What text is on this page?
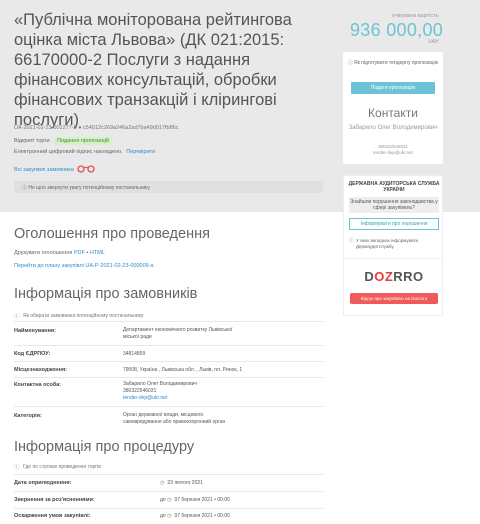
«Публічна моніторована рейтингова оцінка міста Львова» (ДК 021:2015: 66170000-2 Послуги з надання фінансових консультацій, обробки фінансових транзакцій і клірингові послуги)
UA-2021-02-23-001277-b ● c54012c269a246a2ad7ba49d017fb86c
Відкриті торги Подання пропозицій
Електронний цифровий підпис накладено. Перевірити
Всі закупівлі замовника
ⓘ Не щоо звернути увагу потенційному постачальнику
очікувана вартість
936 000,00
UAH
ⓘ Як підготувати тендерну пропозицію
Подати пропозицію
Контакти
Забарило Олег Володимирович
380322546031
tender-dep@ukr.net
ДЕРЖАВНА АУДИТОРСЬКА СЛУЖБА УКРАЇНИ
Знайшли порушення законодавства у сфері закупівель?
Інформувати про порушення
ⓘ У якиx випадках інформувати Держаудитслужбу
DOZRRO
Відгук про закупівлю на Dozorro
Оголошення про проведення
Друкувати оголошення PDF • HTML
Перейти до плану закупівлі UA-P-2021-02-23-000009-a
Інформація про замовників
ⓘ Як обирати замовника потенційному постачальнику
Найменування:	Департамент економічного розвитку Львівської
міської ради
Код ЄДРПОУ:	34814859
Місцезнаходження:	79008, Україна , Львівська обл. , Львів, пл. Ринок, 1
Контактна особа:	Забарило Олег Володимирович
380322546031
tender-dep@ukr.net
Категорія:	Орган державної влади, місцевого
самоврядування або правоохоронний орган
Інформація про процедуру
ⓘ Где по строках проведення торгів
Дата оприлюднення:	◷ 23 лютого 2021
Звернення за роз'ясненнями:	до ◷ 07 березня 2021 • 00:00
Оскарження умов закупівлі:	до ◷ 07 березня 2021 • 00:00
